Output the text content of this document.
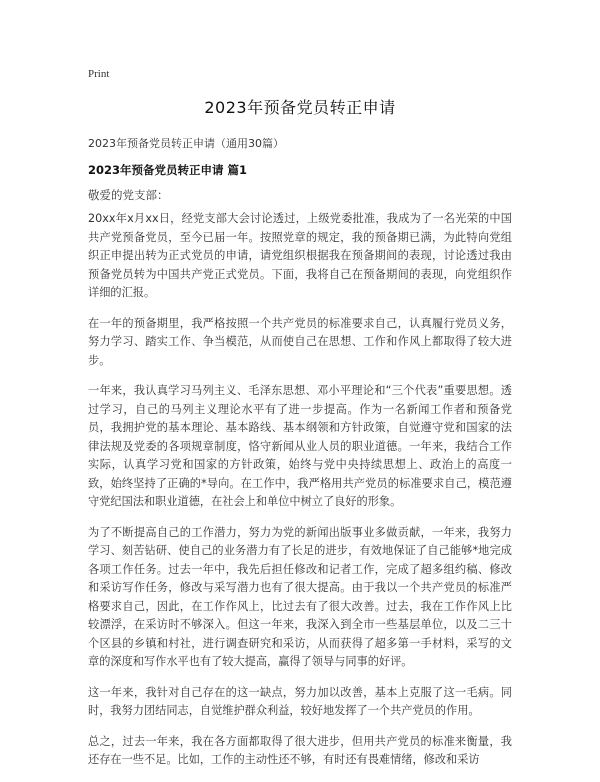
Print
2023年预备党员转正申请
2023年预备党员转正申请（通用30篇）
2023年预备党员转正申请 篇1
敬爱的党支部：

20xx年x月xx日，经党支部大会讨论透过，上级党委批准，我成为了一名光荣的中国共产党预备党员，至今已届一年。按照党章的规定，我的预备期已满，为此特向党组织正申提出转为正式党员的申请，请党组织根据我在预备期间的表现，讨论透过我由预备党员转为中国共产党正式党员。下面，我将自己在预备期间的表现，向党组织作详细的汇报。

在一年的预备期里，我严格按照一个共产党员的标准要求自己，认真履行党员义务，努力学习、踏实工作、争当模范，从而使自己在思想、工作和作风上都取得了较大进步。

一年来，我认真学习马列主义、毛泽东思想、邓小平理论和“三个代表”重要思想。透过学习，自己的马列主义理论水平有了进一步提高。作为一名新闻工作者和预备党员，我拥护党的基本理论、基本路线、基本纲领和方针政策，自觉遵守党和国家的法律法规及党委的各项规章制度，恪守新闻从业人员的职业道德。一年来，我结合工作实际，认真学习党和国家的方针政策，始终与党中央持续思想上、政治上的高度一致，始终坚持了正确的*导向。在工作中，我严格用共产党员的标准要求自己，模范遵守党纪国法和职业道德，在社会上和单位中树立了良好的形象。

为了不断提高自己的工作潜力，努力为党的新闻出版事业多做贡献，一年来，我努力学习、刻苦钻研、使自己的业务潜力有了长足的进步，有效地保证了自己能够*地完成各项工作任务。过去一年中，我先后担任修改和记者工作，完成了超多组约稿、修改和采访写作任务，修改与采写潜力也有了很大提高。由于我以一个共产党员的标准严格要求自己，因此，在工作作风上，比过去有了很大改善。过去，我在工作作风上比较漂浮，在采访时不够深入。但这一年来，我深入到全市一些基层单位，以及二三十个区县的乡镇和村社，进行调查研究和采访，从而获得了超多第一手材料，采写的文章的深度和写作水平也有了较大提高，赢得了领导与同事的好评。

这一年来，我针对自己存在的这一缺点，努力加以改善，基本上克服了这一毛病。同时，我努力团结同志，自觉维护群众利益，较好地发挥了一个共产党员的作用。

总之，过去一年来，我在各方面都取得了很大进步，但用共产党员的标准来衡量，我还存在一些不足。比如，工作的主动性还不够，有时还有畏难情绪，修改和采访
